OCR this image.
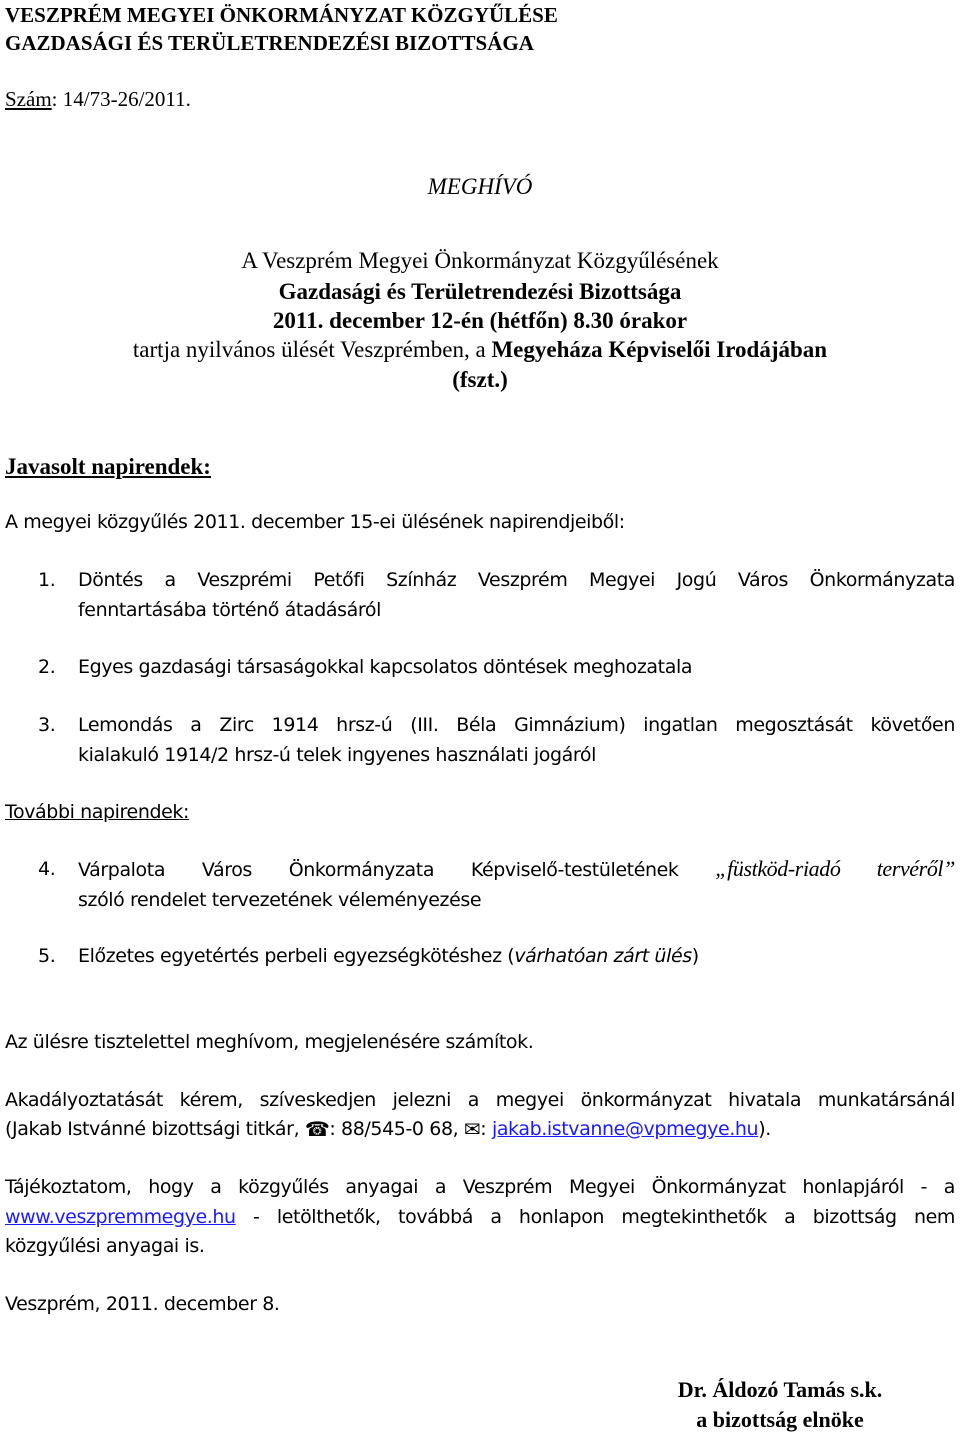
VESZPRÉM MEGYEI ÖNKORMÁNYZAT KÖZGYŰLÉSE
GAZDASÁGI ÉS TERÜLETRENDEZÉSI BIZOTTSÁGA
Szám: 14/73-26/2011.
MEGHÍVÓ
A Veszprém Megyei Önkormányzat Közgyűlésének
Gazdasági és Területrendezési Bizottsága
2011. december 12-én (hétfőn) 8.30 órakor
tartja nyilvános ülését Veszprémben, a Megyeháza Képviselői Irodájában
(fszt.)
Javasolt napirendek:
A megyei közgyűlés 2011. december 15-ei ülésének napirendjeiből:
1. Döntés a Veszprémi Petőfi Színház Veszprém Megyei Jogú Város Önkormányzata
fenntartásába történő átadásáról
2. Egyes gazdasági társaságokkal kapcsolatos döntések meghozatala
3. Lemondás a Zirc 1914 hrsz-ú (III. Béla Gimnázium) ingatlan megosztását követően
kialakuló 1914/2 hrsz-ú telek ingyenes használati jogáról
További napirendek:
4. Várpalota Város Önkormányzata Képviselő-testületének „füstköd-riadó tervéről”
szóló rendelet tervezetének véleményezése
5. Előzetes egyetértés perbeli egyezségkötéshez (várhatóan zárt ülés)
Az ülésre tisztelettel meghívom, megjelenésére számítok.
Akadályoztatását kérem, szíveskedjen jelezni a megyei önkormányzat hivatala munkatársánál
(Jakab Istvánné bizottsági titkár, ☎: 88/545-0 68, ✉: jakab.istvanne@vpmegye.hu).
Tájékoztatom, hogy a közgyűlés anyagai a Veszprém Megyei Önkormányzat honlapjáról - a
www.veszpremmegye.hu - letölthetők, továbbá a honlapon megtekinthetők a bizottság nem
közgyűlési anyagai is.
Veszprém, 2011. december 8.
Dr. Áldozó Tamás s.k.
a bizottság elnöke
